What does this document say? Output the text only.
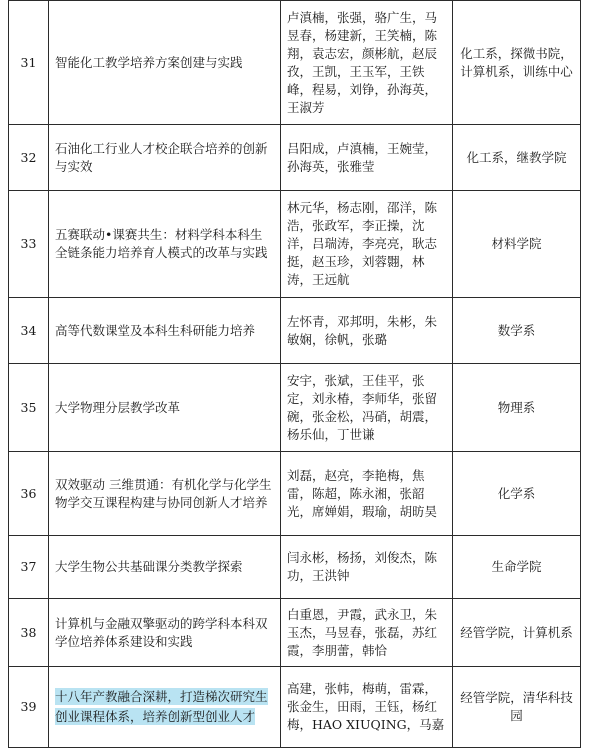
31	智能化工教学培养方案创建与实践	卢滇楠，张强，骆广生，马昱春，杨建新，王笑楠，陈翔，袁志宏，颜彬航，赵辰孜，王凯，王玉军，王铁峰，程易，刘铮，孙海英，王淑芳	化工系，探微书院，计算机系，训练中心
32	石油化工行业人才校企联合培养的创新与实效	吕阳成，卢滇楠，王婉莹，孙海英，张雅莹	化工系，继教学院
33	五赛联动•课赛共生：材料学科本科生全链条能力培养育人模式的改革与实践	林元华，杨志刚，邵洋，陈浩，张政军，李正操，沈洋，吕瑞涛，李亮亮，耿志挺，赵玉珍，刘蓉翾，林涛，王远航	材料学院
34	高等代数课堂及本科生科研能力培养	左怀青，邓邦明，朱彬，朱敏娴，徐帆，张璐	数学系
35	大学物理分层教学改革	安宇，张斌，王佳平，张定，刘永椿，李师华，张留碗，张金松，冯硝，胡震，杨乐仙，丁世谦	物理系
36	双效驱动 三维贯通：有机化学与化学生物学交互课程构建与协同创新人才培养	刘磊，赵亮，李艳梅，焦雷，陈超，陈永湘，张韶光，席婵娟，瑕瑜，胡昉昊	化学系
37	大学生物公共基础课分类教学探索	闫永彬，杨扬，刘俊杰，陈功，王洪钟	生命学院
38	计算机与金融双擎驱动的跨学科本科双学位培养体系建设和实践	白重恩，尹霞，武永卫，朱玉杰，马昱春，张磊，苏红霞，李朋蕾，韩恰	经管学院，计算机系
39	十八年产教融合深耕，打造梯次研究生创业课程体系，培养创新型创业人才	高建，张帏，梅萌，雷霖，张金生，田雨，王钰，杨红梅，HAO XIUQING，马嘉	经管学院，清华科技园
